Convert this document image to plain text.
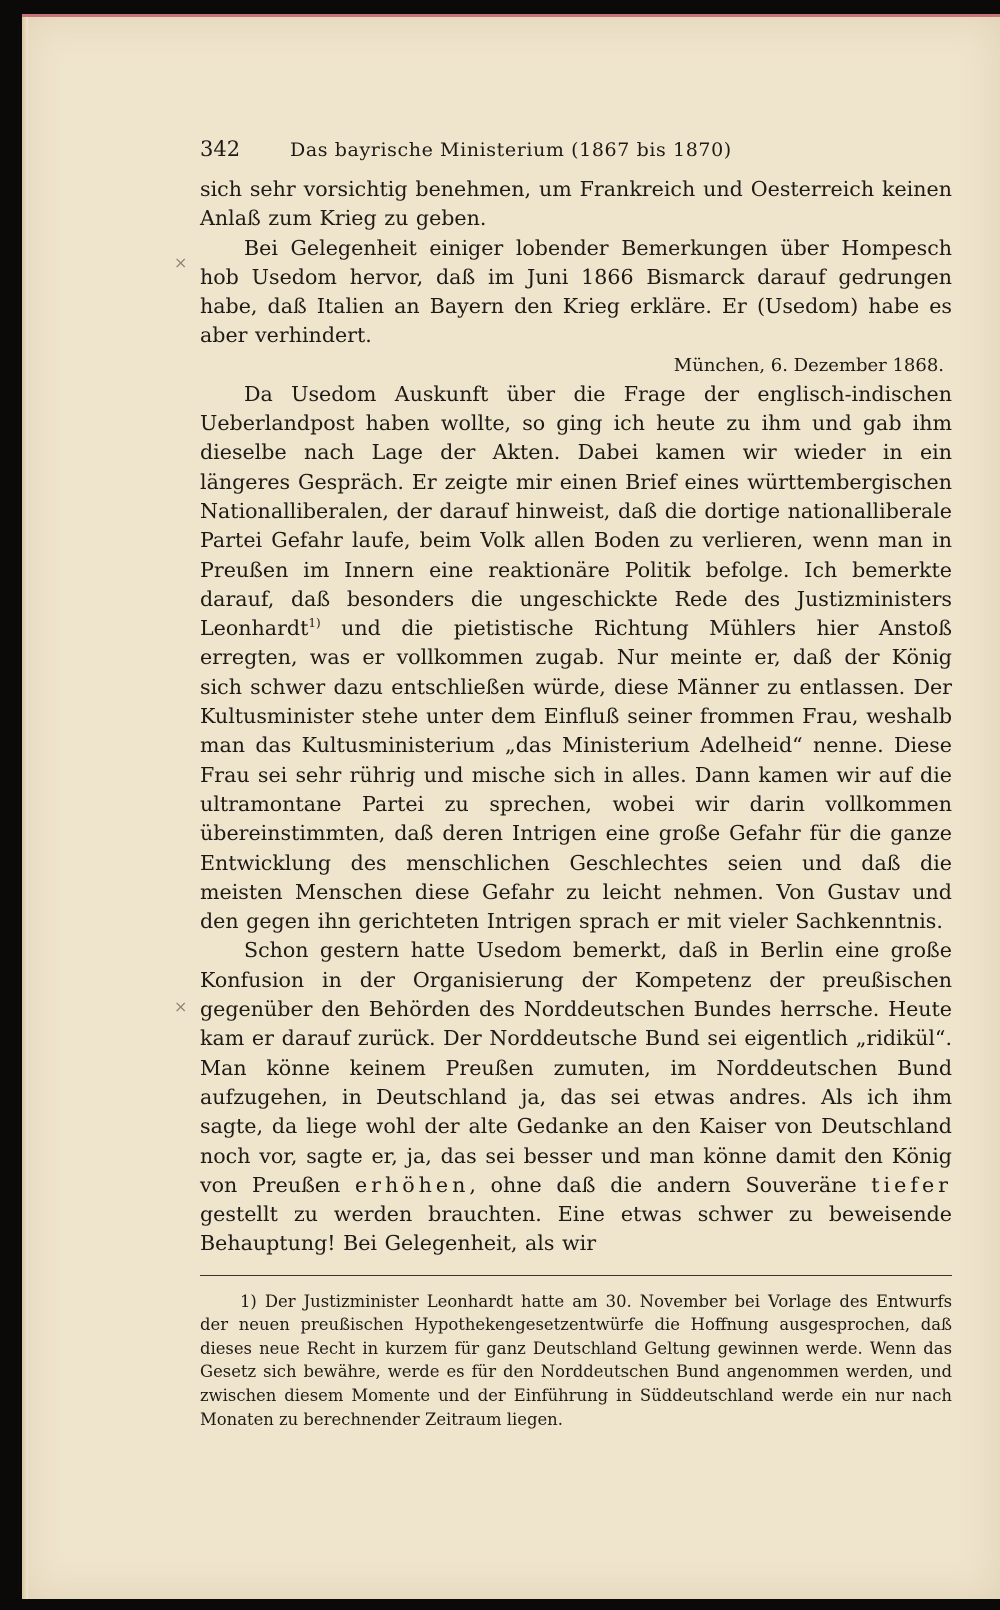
×
×
342	Das bayrische Ministerium (1867 bis 1870)

sich sehr vorsichtig benehmen, um Frankreich und Oesterreich keinen Anlaß zum Krieg zu geben.

Bei Gelegenheit einiger lobender Bemerkungen über Hompesch hob Usedom hervor, daß im Juni 1866 Bismarck darauf gedrungen habe, daß Italien an Bayern den Krieg erkläre. Er (Usedom) habe es aber verhindert.

München, 6. Dezember 1868.

Da Usedom Auskunft über die Frage der englisch-indischen Ueberlandpost haben wollte, so ging ich heute zu ihm und gab ihm dieselbe nach Lage der Akten. Dabei kamen wir wieder in ein längeres Gespräch. Er zeigte mir einen Brief eines württembergischen Nationalliberalen, der darauf hinweist, daß die dortige nationalliberale Partei Gefahr laufe, beim Volk allen Boden zu verlieren, wenn man in Preußen im Innern eine reaktionäre Politik befolge. Ich bemerkte darauf, daß besonders die ungeschickte Rede des Justizministers Leonhardt$^{1)}$ und die pietistische Richtung Mühlers hier Anstoß erregten, was er vollkommen zugab. Nur meinte er, daß der König sich schwer dazu entschließen würde, diese Männer zu entlassen. Der Kultusminister stehe unter dem Einfluß seiner frommen Frau, weshalb man das Kultusministerium „das Ministerium Adelheid“ nenne. Diese Frau sei sehr rührig und mische sich in alles. Dann kamen wir auf die ultramontane Partei zu sprechen, wobei wir darin vollkommen übereinstimmten, daß deren Intrigen eine große Gefahr für die ganze Entwicklung des menschlichen Geschlechtes seien und daß die meisten Menschen diese Gefahr zu leicht nehmen. Von Gustav und den gegen ihn gerichteten Intrigen sprach er mit vieler Sachkenntnis.

Schon gestern hatte Usedom bemerkt, daß in Berlin eine große Konfusion in der Organisierung der Kompetenz der preußischen gegenüber den Behörden des Norddeutschen Bundes herrsche. Heute kam er darauf zurück. Der Norddeutsche Bund sei eigentlich „ridikül“. Man könne keinem Preußen zumuten, im Norddeutschen Bund aufzugehen, in Deutschland ja, das sei etwas andres. Als ich ihm sagte, da liege wohl der alte Gedanke an den Kaiser von Deutschland noch vor, sagte er, ja, das sei besser und man könne damit den König von Preußen erhöhen, ohne daß die andern Souveräne tiefer gestellt zu werden brauchten. Eine etwas schwer zu beweisende Behauptung! Bei Gelegenheit, als wir

1) Der Justizminister Leonhardt hatte am 30. November bei Vorlage des Entwurfs der neuen preußischen Hypothekengesetzentwürfe die Hoffnung ausgesprochen, daß dieses neue Recht in kurzem für ganz Deutschland Geltung gewinnen werde. Wenn das Gesetz sich bewähre, werde es für den Norddeutschen Bund angenommen werden, und zwischen diesem Momente und der Einführung in Süddeutschland werde ein nur nach Monaten zu berechnender Zeitraum liegen.
